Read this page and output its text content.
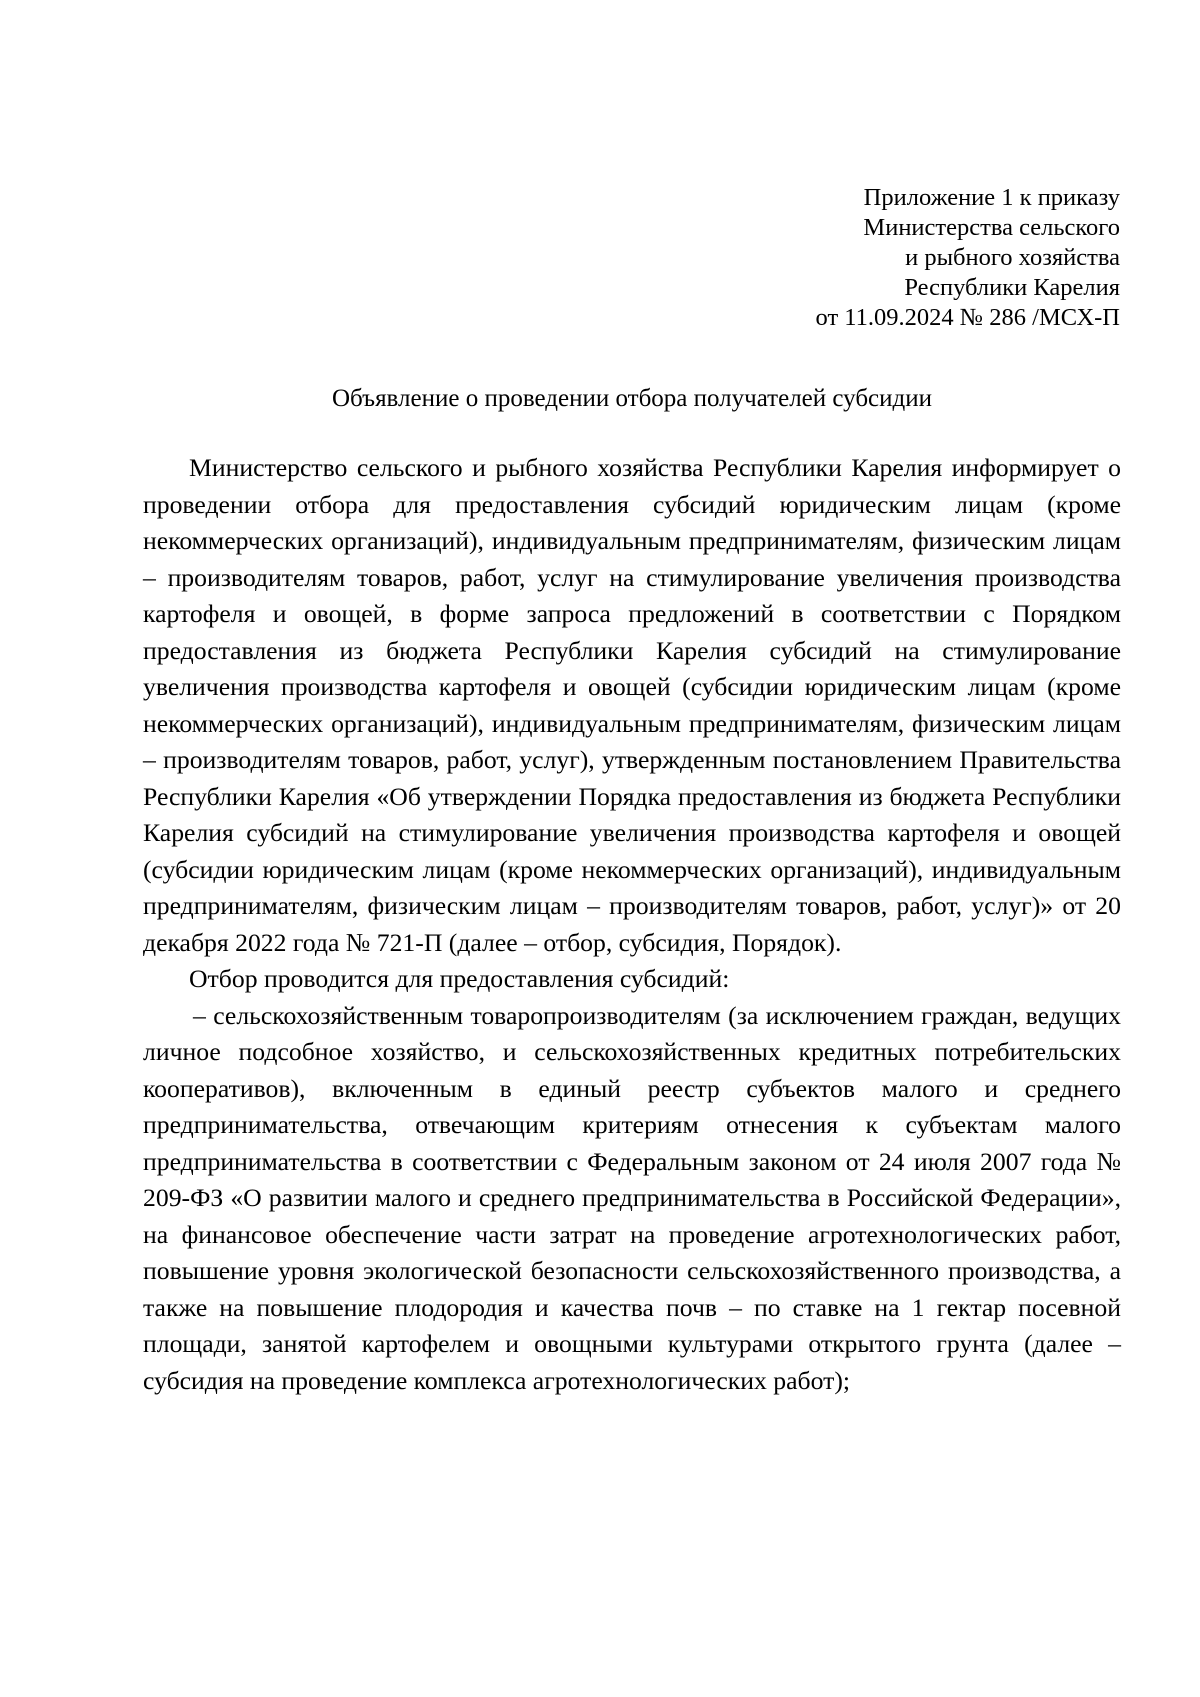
Приложение 1 к приказу
Министерства сельского
и рыбного хозяйства
Республики Карелия
от 11.09.2024 № 286 /МСХ-П
Объявление о проведении отбора получателей субсидии

Министерство сельского и рыбного хозяйства Республики Карелия информирует о проведении отбора для предоставления субсидий юридическим лицам (кроме некоммерческих организаций), индивидуальным предпринимателям, физическим лицам – производителям товаров, работ, услуг на стимулирование увеличения производства картофеля и овощей, в форме запроса предложений в соответствии с Порядком предоставления из бюджета Республики Карелия субсидий на стимулирование увеличения производства картофеля и овощей (субсидии юридическим лицам (кроме некоммерческих организаций), индивидуальным предпринимателям, физическим лицам – производителям товаров, работ, услуг), утвержденным постановлением Правительства Республики Карелия «Об утверждении Порядка предоставления из бюджета Республики Карелия субсидий на стимулирование увеличения производства картофеля и овощей (субсидии юридическим лицам (кроме некоммерческих организаций), индивидуальным предпринимателям, физическим лицам – производителям товаров, работ, услуг)» от 20 декабря 2022 года № 721-П (далее – отбор, субсидия, Порядок).

Отбор проводится для предоставления субсидий:

– сельскохозяйственным товаропроизводителям (за исключением граждан, ведущих личное подсобное хозяйство, и сельскохозяйственных кредитных потребительских кооперативов), включенным в единый реестр субъектов малого и среднего предпринимательства, отвечающим критериям отнесения к субъектам малого предпринимательства в соответствии с Федеральным законом от 24 июля 2007 года № 209-ФЗ «О развитии малого и среднего предпринимательства в Российской Федерации», на финансовое обеспечение части затрат на проведение агротехнологических работ, повышение уровня экологической безопасности сельскохозяйственного производства, а также на повышение плодородия и качества почв – по ставке на 1 гектар посевной площади, занятой картофелем и овощными культурами открытого грунта (далее – субсидия на проведение комплекса агротехнологических работ);
